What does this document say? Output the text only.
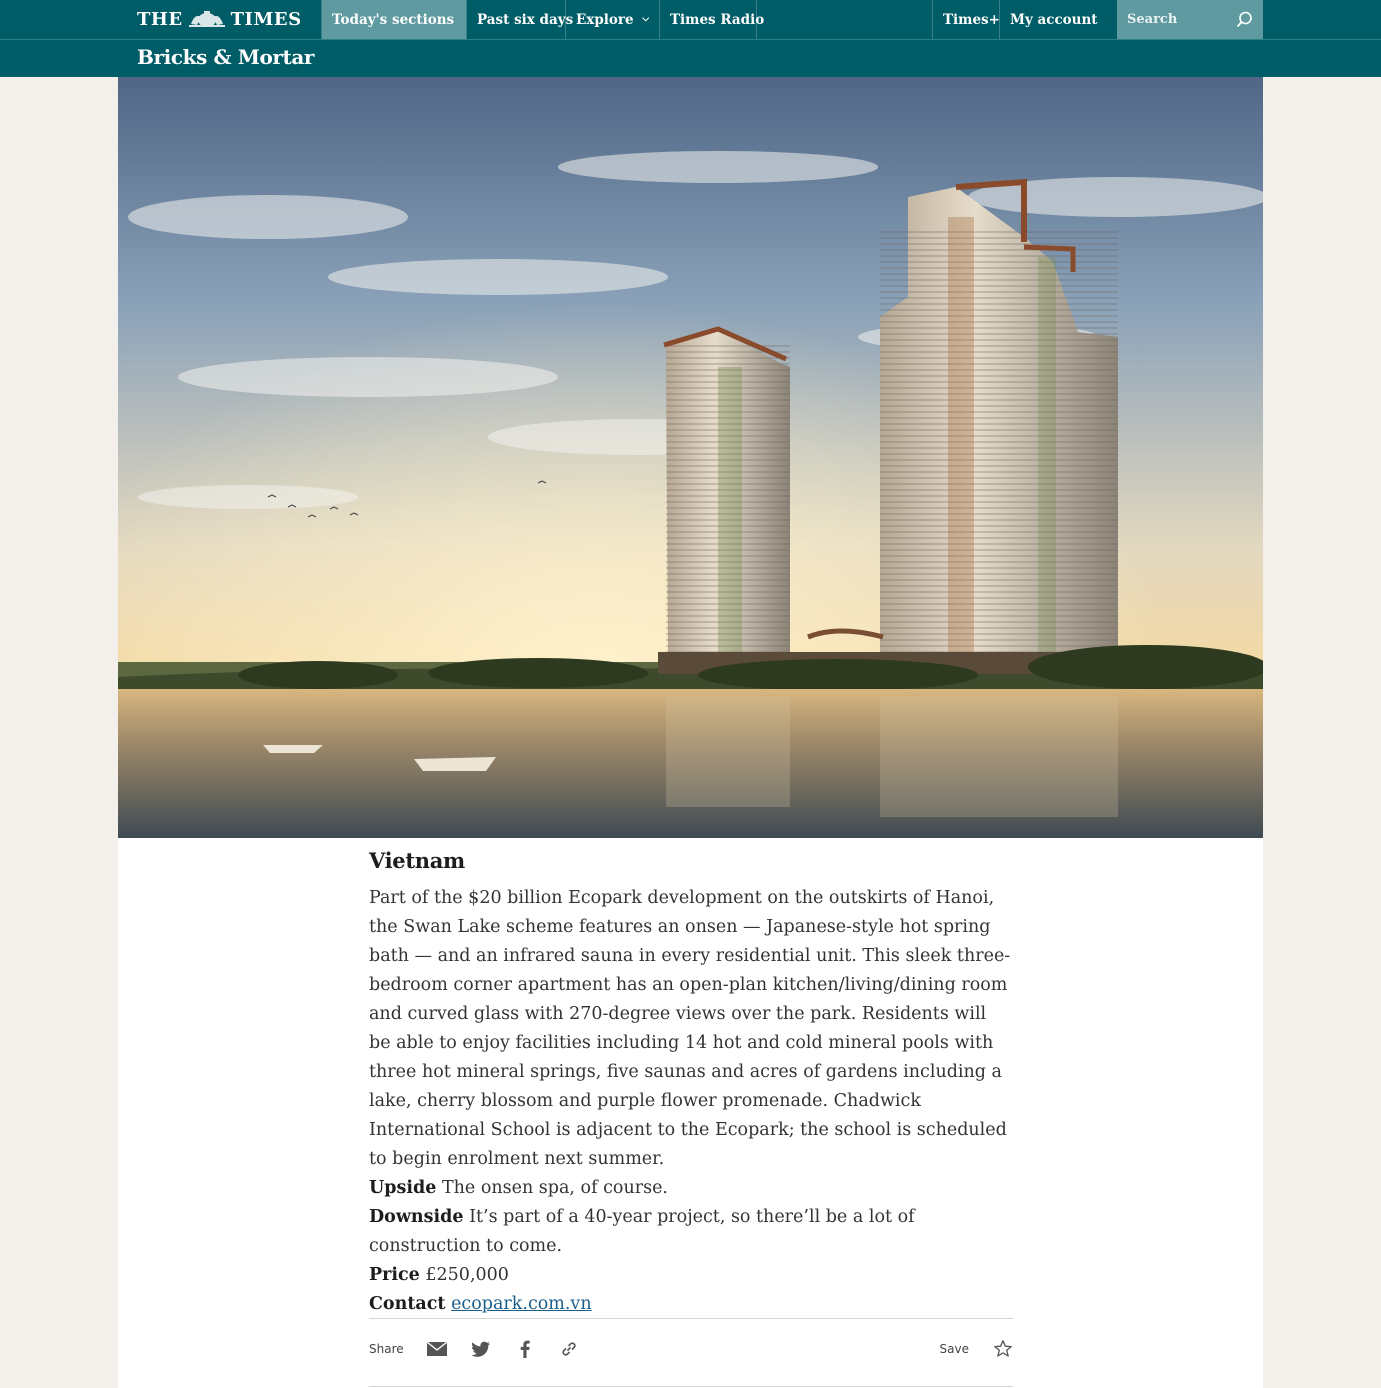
THE	TIMES Today's sections Past six days Explore	Times Radio	Times+ My account
Search
Bricks & Mortar
Vietnam

Part of the $20 billion Ecopark development on the outskirts of Hanoi, the Swan Lake scheme features an onsen — Japanese-style hot spring bath — and an infrared sauna in every residential unit. This sleek three-bedroom corner apartment has an open-plan kitchen/living/dining room and curved glass with 270-degree views over the park. Residents will be able to enjoy facilities including 14 hot and cold mineral pools with three hot mineral springs, five saunas and acres of gardens including a lake, cherry blossom and purple flower promenade. Chadwick International School is adjacent to the Ecopark; the school is scheduled to begin enrolment next summer.

Upside The onsen spa, of course.

Downside It’s part of a 40-year project, so there’ll be a lot of construction to come.

Price £250,000

Contact ecopark.com.vn

Share	Save
